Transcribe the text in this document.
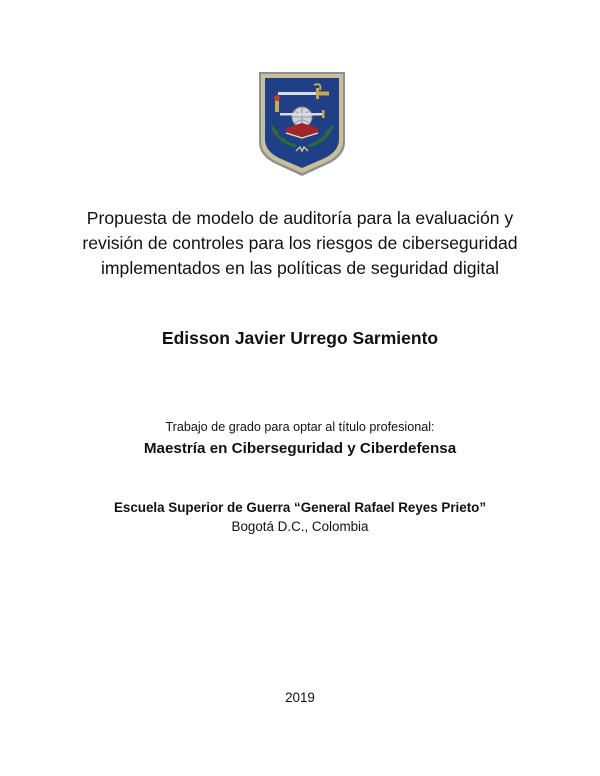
Propuesta de modelo de auditoría para la evaluación y revisión de controles para los riesgos de ciberseguridad implementados en las políticas de seguridad digital
Edisson Javier Urrego Sarmiento
Trabajo de grado para optar al título profesional:
Maestría en Ciberseguridad y Ciberdefensa
Escuela Superior de Guerra “General Rafael Reyes Prieto”
Bogotá D.C., Colombia
2019
